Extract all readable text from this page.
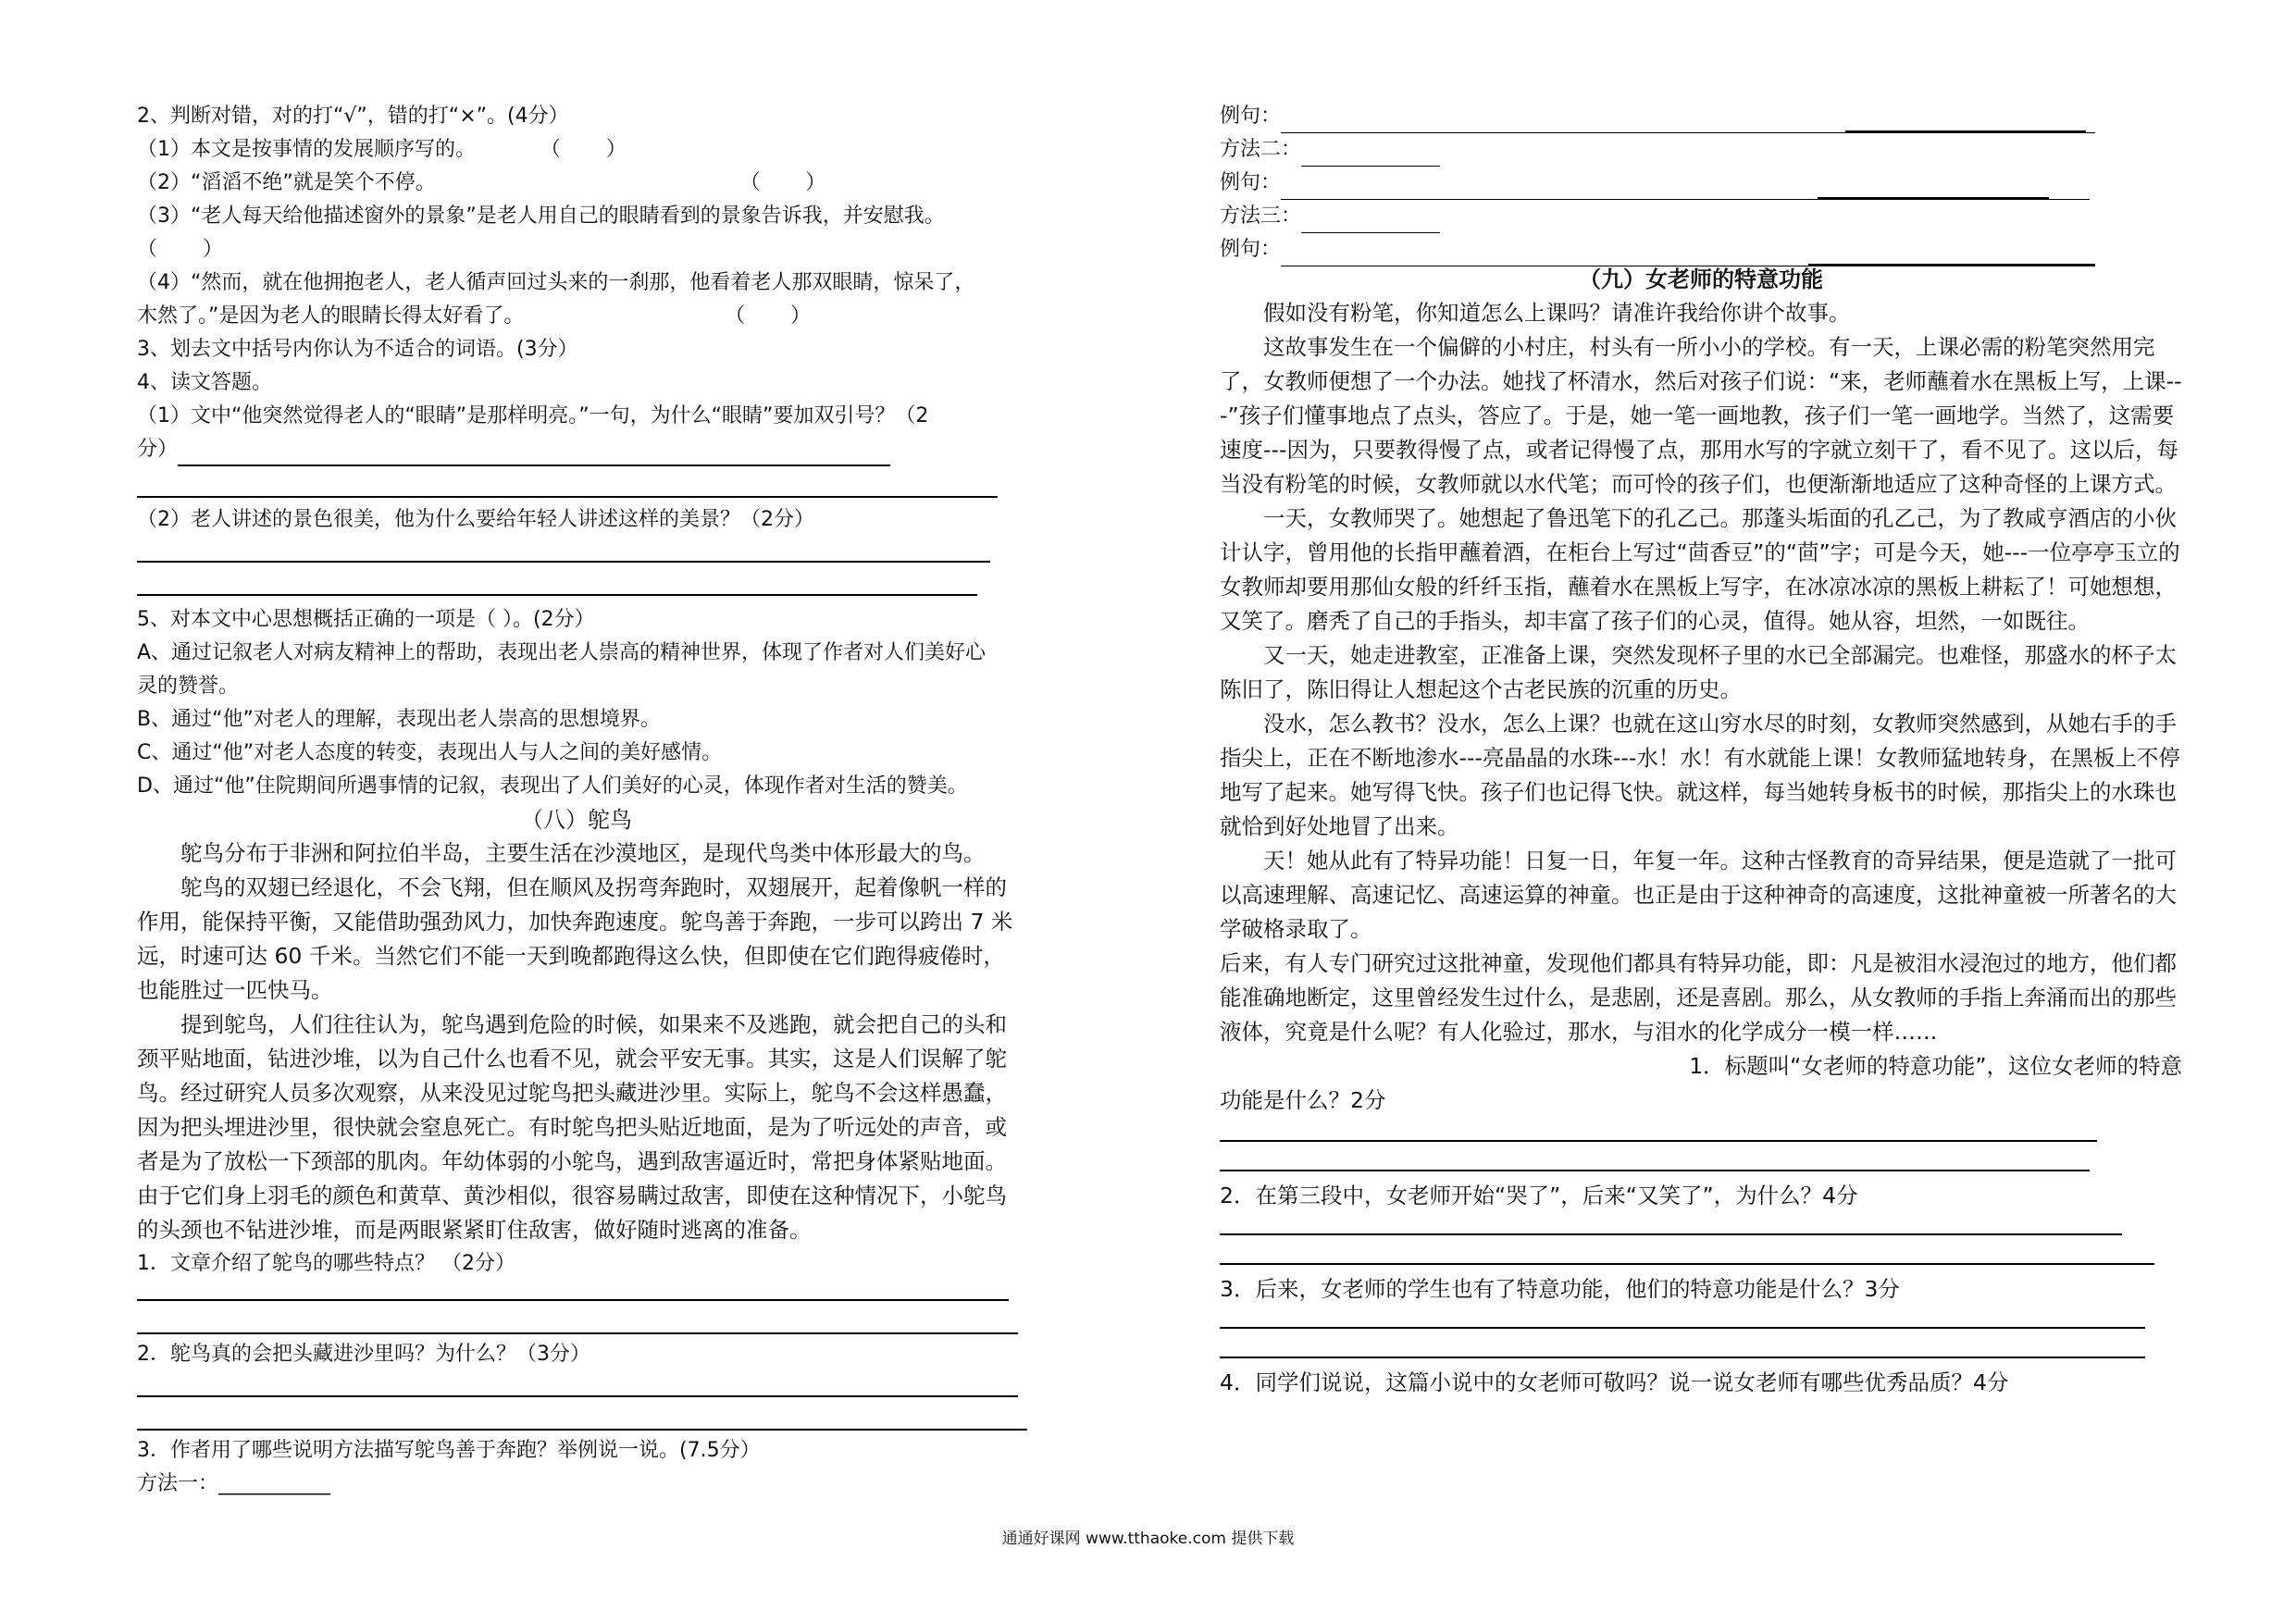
2、判断对错，对的打“√”，错的打“×”。(4分）

（1）本文是按事情的发展顺序写的。          （       ）

（2）“滔滔不绝”就是笑个不停。                                               （       ）

（3）“老人每天给他描述窗外的景象”是老人用自己的眼睛看到的景象告诉我，并安慰我。

（       ）

（4）“然而，就在他拥抱老人，老人循声回过头来的一刹那，他看着老人那双眼睛，惊呆了，

木然了。”是因为老人的眼睛长得太好看了。                               （       ）

3、划去文中括号内你认为不适合的词语。(3分）

4、读文答题。

（1）文中“他突然觉得老人的“眼睛”是那样明亮。”一句，为什么“眼睛”要加双引号？（2

分）

（2）老人讲述的景色很美，他为什么要给年轻人讲述这样的美景？（2分）

5、对本文中心思想概括正确的一项是（ ）。(2分）

A、通过记叙老人对病友精神上的帮助，表现出老人崇高的精神世界，体现了作者对人们美好心

灵的赞誉。

B、通过“他”对老人的理解，表现出老人崇高的思想境界。

C、通过“他”对老人态度的转变，表现出人与人之间的美好感情。

D、通过“他”住院期间所遇事情的记叙，表现出了人们美好的心灵，体现作者对生活的赞美。

（八）鸵鸟

鸵鸟分布于非洲和阿拉伯半岛，主要生活在沙漠地区，是现代鸟类中体形最大的鸟。

鸵鸟的双翅已经退化，不会飞翔，但在顺风及拐弯奔跑时，双翅展开，起着像帆一样的作用，能保持平衡，又能借助强劲风力，加快奔跑速度。鸵鸟善于奔跑，一步可以跨出 7 米远，时速可达 60 千米。当然它们不能一天到晚都跑得这么快，但即使在它们跑得疲倦时，也能胜过一匹快马。

提到鸵鸟，人们往往认为，鸵鸟遇到危险的时候，如果来不及逃跑，就会把自己的头和颈平贴地面，钻进沙堆，以为自己什么也看不见，就会平安无事。其实，这是人们误解了鸵鸟。经过研究人员多次观察，从来没见过鸵鸟把头藏进沙里。实际上，鸵鸟不会这样愚蠢，因为把头埋进沙里，很快就会窒息死亡。有时鸵鸟把头贴近地面，是为了听远处的声音，或者是为了放松一下颈部的肌肉。年幼体弱的小鸵鸟，遇到敌害逼近时，常把身体紧贴地面。由于它们身上羽毛的颜色和黄草、黄沙相似，很容易瞒过敌害，即使在这种情况下，小鸵鸟的头颈也不钻进沙堆，而是两眼紧紧盯住敌害，做好随时逃离的准备。

1．文章介绍了鸵鸟的哪些特点？ （2分）

2．鸵鸟真的会把头藏进沙里吗？为什么？（3分）

3．作者用了哪些说明方法描写鸵鸟善于奔跑？举例说一说。(7.5分）

方法一：___________

例句：
方法二：
例句：
方法三：
例句：

（九）女老师的特意功能

假如没有粉笔，你知道怎么上课吗？请准许我给你讲个故事。

这故事发生在一个偏僻的小村庄，村头有一所小小的学校。有一天，上课必需的粉笔突然用完了，女教师便想了一个办法。她找了杯清水，然后对孩子们说：“来，老师蘸着水在黑板上写，上课---”孩子们懂事地点了点头，答应了。于是，她一笔一画地教，孩子们一笔一画地学。当然了，这需要速度---因为，只要教得慢了点，或者记得慢了点，那用水写的字就立刻干了，看不见了。这以后，每当没有粉笔的时候，女教师就以水代笔；而可怜的孩子们，也便渐渐地适应了这种奇怪的上课方式。

一天，女教师哭了。她想起了鲁迅笔下的孔乙己。那蓬头垢面的孔乙己，为了教咸亨酒店的小伙计认字，曾用他的长指甲蘸着酒，在柜台上写过“茴香豆”的“茴”字；可是今天，她---一位亭亭玉立的女教师却要用那仙女般的纤纤玉指，蘸着水在黑板上写字，在冰凉冰凉的黑板上耕耘了！可她想想，又笑了。磨秃了自己的手指头，却丰富了孩子们的心灵，值得。她从容，坦然，一如既往。

又一天，她走进教室，正准备上课，突然发现杯子里的水已全部漏完。也难怪，那盛水的杯子太陈旧了，陈旧得让人想起这个古老民族的沉重的历史。

没水，怎么教书？没水，怎么上课？也就在这山穷水尽的时刻，女教师突然感到，从她右手的手指尖上，正在不断地渗水---亮晶晶的水珠---水！水！有水就能上课！女教师猛地转身，在黑板上不停地写了起来。她写得飞快。孩子们也记得飞快。就这样，每当她转身板书的时候，那指尖上的水珠也就恰到好处地冒了出来。

天！她从此有了特异功能！日复一日，年复一年。这种古怪教育的奇异结果，便是造就了一批可以高速理解、高速记忆、高速运算的神童。也正是由于这种神奇的高速度，这批神童被一所著名的大学破格录取了。

后来，有人专门研究过这批神童，发现他们都具有特异功能，即：凡是被泪水浸泡过的地方，他们都能准确地断定，这里曾经发生过什么，是悲剧，还是喜剧。那么，从女教师的手指上奔涌而出的那些液体，究竟是什么呢？有人化验过，那水，与泪水的化学成分一模一样……

1．标题叫“女老师的特意功能”，这位女老师的特意

功能是什么？2分

2．在第三段中，女老师开始“哭了”，后来“又笑了”，为什么？4分

3．后来，女老师的学生也有了特意功能，他们的特意功能是什么？3分

4．同学们说说，这篇小说中的女老师可敬吗？说一说女老师有哪些优秀品质？4分

通通好课网 www.tthaoke.com 提供下载
